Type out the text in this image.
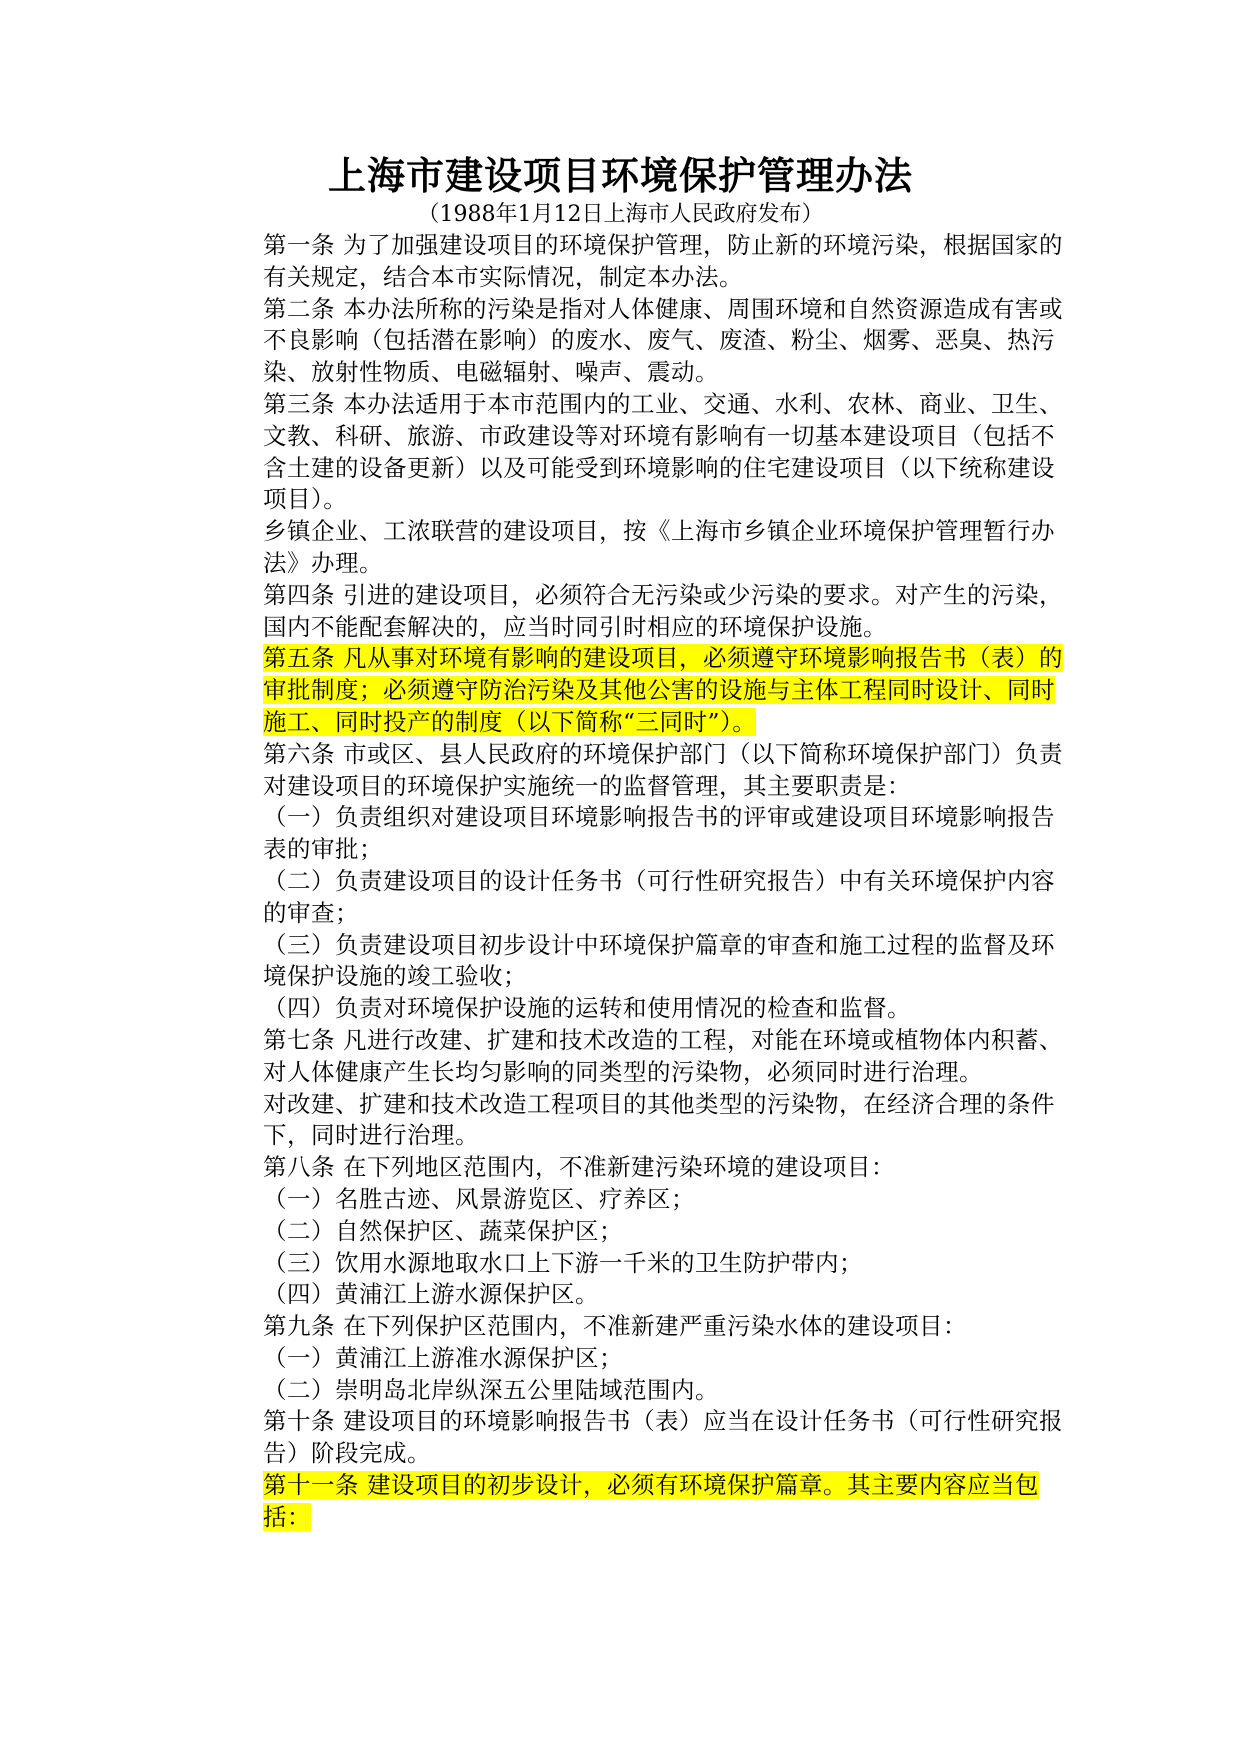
上海市建设项目环境保护管理办法
（1988年1月12日上海市人民政府发布）

第一条 为了加强建设项目的环境保护管理，防止新的环境污染，根据国家的有关规定，结合本市实际情况，制定本办法。

第二条 本办法所称的污染是指对人体健康、周围环境和自然资源造成有害或不良影响（包括潜在影响）的废水、废气、废渣、粉尘、烟雾、恶臭、热污染、放射性物质、电磁辐射、噪声、震动。

第三条 本办法适用于本市范围内的工业、交通、水利、农林、商业、卫生、文教、科研、旅游、市政建设等对环境有影响有一切基本建设项目（包括不含土建的设备更新）以及可能受到环境影响的住宅建设项目（以下统称建设项目）。

乡镇企业、工浓联营的建设项目，按《上海市乡镇企业环境保护管理暂行办法》办理。

第四条 引进的建设项目，必须符合无污染或少污染的要求。对产生的污染，国内不能配套解决的，应当时同引时相应的环境保护设施。

第五条 凡从事对环境有影响的建设项目，必须遵守环境影响报告书（表）的审批制度；必须遵守防治污染及其他公害的设施与主体工程同时设计、同时施工、同时投产的制度（以下简称“三同时”）。

第六条 市或区、县人民政府的环境保护部门（以下简称环境保护部门）负责对建设项目的环境保护实施统一的监督管理，其主要职责是：

（一）负责组织对建设项目环境影响报告书的评审或建设项目环境影响报告表的审批；

（二）负责建设项目的设计任务书（可行性研究报告）中有关环境保护内容的审查；

（三）负责建设项目初步设计中环境保护篇章的审查和施工过程的监督及环境保护设施的竣工验收；

（四）负责对环境保护设施的运转和使用情况的检查和监督。

第七条 凡进行改建、扩建和技术改造的工程，对能在环境或植物体内积蓄、对人体健康产生长均匀影响的同类型的污染物，必须同时进行治理。

对改建、扩建和技术改造工程项目的其他类型的污染物，在经济合理的条件下，同时进行治理。

第八条 在下列地区范围内，不准新建污染环境的建设项目：

（一）名胜古迹、风景游览区、疗养区；

（二）自然保护区、蔬菜保护区；

（三）饮用水源地取水口上下游一千米的卫生防护带内；

（四）黄浦江上游水源保护区。

第九条 在下列保护区范围内，不准新建严重污染水体的建设项目：

（一）黄浦江上游准水源保护区；

（二）崇明岛北岸纵深五公里陆域范围内。

第十条 建设项目的环境影响报告书（表）应当在设计任务书（可行性研究报告）阶段完成。

第十一条 建设项目的初步设计，必须有环境保护篇章。其主要内容应当包括：
